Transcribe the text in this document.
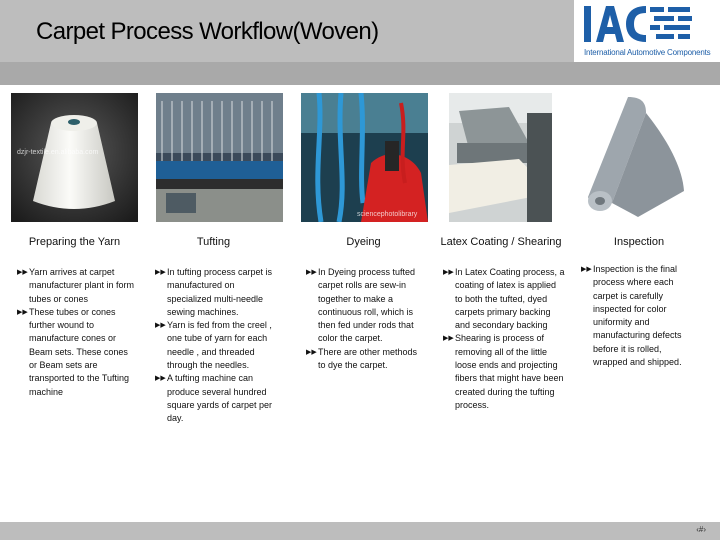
Carpet Process Workflow(Woven)
International Automotive Components
dzjr-textile.en.alibaba.com
sciencephotolibrary
Preparing the Yarn	Tufting	Dyeing	Latex Coating / Shearing	Inspection
▶▶ Yarn arrives at carpet manufacturer plant in form tubes or cones
▶▶ These tubes or cones further wound to manufacture cones or Beam sets. These cones or Beam sets are transported to the Tufting machine
▶▶ In tufting process carpet is manufactured on specialized multi-needle sewing machines.
▶▶ Yarn is fed from the creel , one tube of yarn for each needle , and threaded through the needles.
▶▶ A tufting machine can produce several hundred square yards of carpet per day.
▶▶ In Dyeing process tufted carpet rolls are sew-in together to make a continuous roll, which is then fed under rods that color the carpet.
▶▶ There are other methods to dye the carpet.
▶▶ In Latex Coating process, a coating of latex is applied to both the tufted, dyed carpets primary backing and secondary backing
▶▶ Shearing is process of removing all of the little loose ends and projecting fibers that might have been created during the tufting process.
▶▶ Inspection is the final process where each carpet is carefully inspected for color uniformity and manufacturing defects before it is rolled, wrapped and shipped.
‹#›
